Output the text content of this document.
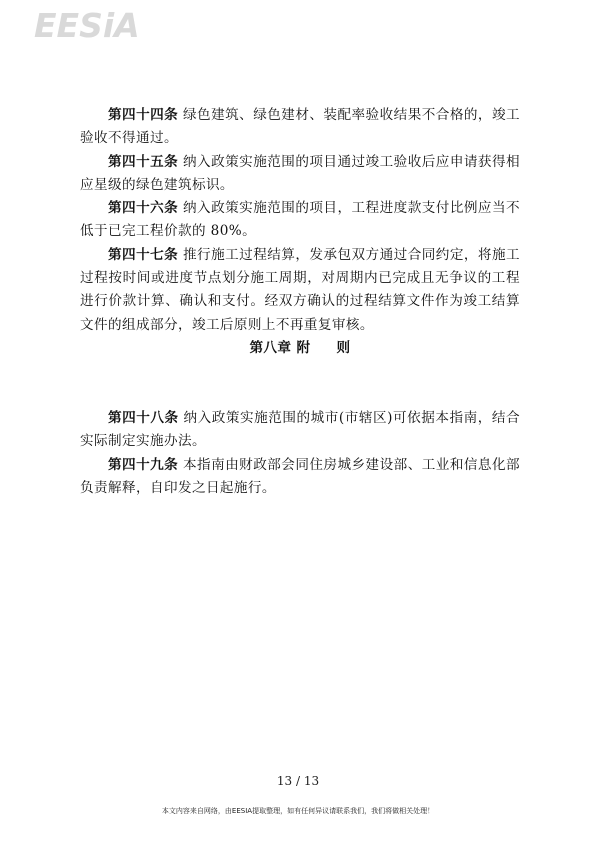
EESiA

第四十四条 绿色建筑、绿色建材、装配率验收结果不合格的，竣工验收不得通过。

第四十五条 纳入政策实施范围的项目通过竣工验收后应申请获得相应星级的绿色建筑标识。

第四十六条 纳入政策实施范围的项目，工程进度款支付比例应当不低于已完工程价款的 80%。

第四十七条 推行施工过程结算，发承包双方通过合同约定，将施工过程按时间或进度节点划分施工周期，对周期内已完成且无争议的工程进行价款计算、确认和支付。经双方确认的过程结算文件作为竣工结算文件的组成部分，竣工后原则上不再重复审核。

第八章 附 则

第四十八条 纳入政策实施范围的城市(市辖区)可依据本指南，结合实际制定实施办法。

第四十九条 本指南由财政部会同住房城乡建设部、工业和信息化部负责解释，自印发之日起施行。

13 / 13
本文内容来自网络，由EESIA提取整理，如有任何异议请联系我们，我们将做相关处理！
